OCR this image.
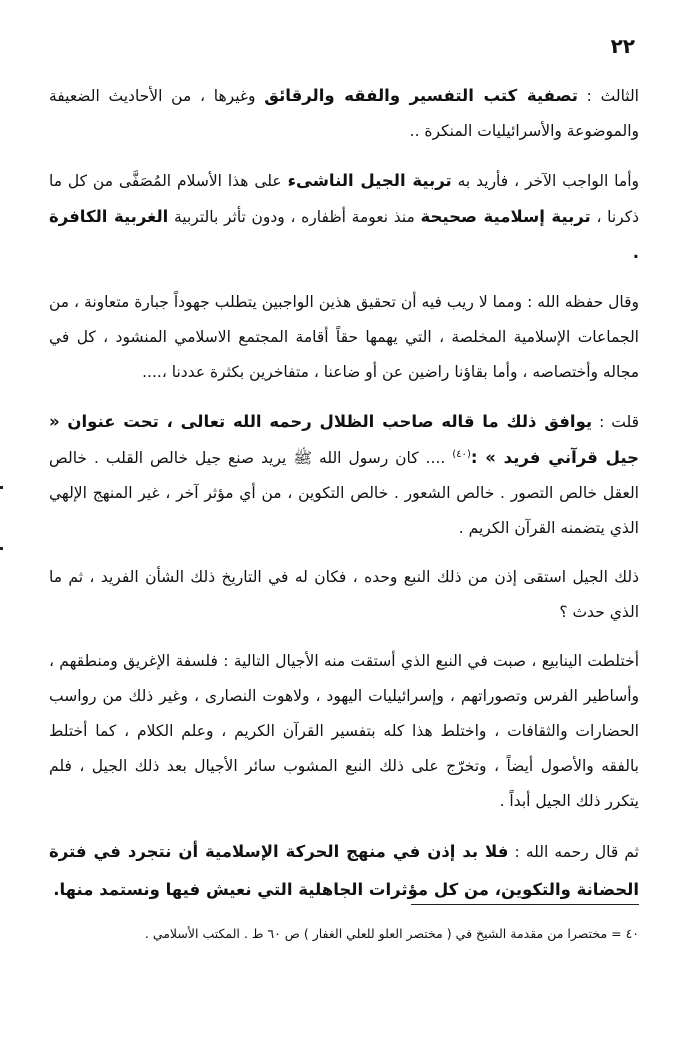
٢٢

الثالث : تصفية كتب التفسير والفقه والرقائق وغيرها ، من الأحاديث الضعيفة والموضوعة والأسرائيليات المنكرة ..

وأما الواجب الآخر ، فأريد به تربية الجيل الناشىء على هذا الأسلام المُصَفَّى من كل ما ذكرنا ، تربية إسلامية صحيحة منذ نعومة أظفاره ، ودون تأثر بالتربية الغربية الكافرة .

وقال حفظه الله : ومما لا ريب فيه أن تحقيق هذين الواجبين يتطلب جهوداً جبارة متعاونة ، من الجماعات الإسلامية المخلصة ، التي يهمها حقاً أقامة المجتمع الاسلامي المنشود ، كل في مجاله وأختصاصه ، وأما بقاؤنا راضين عن أو ضاعنا ، متفاخرين بكثرة عددنا ،....

قلت : يوافق ذلك ما قاله صاحب الظلال رحمه الله تعالى ، تحت عنوان « جيل قرآني فريد » :$^{(٤٠)}$ .... كان رسول الله ﷺ يريد صنع جيل خالص القلب . خالص العقل خالص التصور . خالص الشعور . خالص التكوين ، من أي مؤثر آخر ، غير المنهج الإلهي الذي يتضمنه القرآن الكريم .

ذلك الجيل استقى إذن من ذلك النبع وحده ، فكان له في التاريخ ذلك الشأن الفريد ، ثم ما الذي حدث ؟

أختلطت الينابيع ، صبت في النبع الذي أستقت منه الأجيال التالية : فلسفة الإغريق ومنطقهم ، وأساطير الفرس وتصوراتهم ، وإسرائيليات اليهود ، ولاهوت النصارى ، وغير ذلك من رواسب الحضارات والثقافات ، واختلط هذا كله بتفسير القرآن الكريم ، وعلم الكلام ، كما أختلط بالفقه والأصول أيضاً ، وتخرّج على ذلك النبع المشوب سائر الأجيال بعد ذلك الجيل ، فلم يتكرر ذلك الجيل أبداً .

ثم قال رحمه الله : فلا بد إذن في منهج الحركة الإسلامية أن نتجرد في فترة الحضانة والتكوين، من كل مؤثرات الجاهلية التي نعيش فيها ونستمد منها.

٤٠ = مختصرا من مقدمة الشيخ في ( مختصر العلو للعلي الغفار ) ص ٦٠ ط . المكتب الأسلامي .
